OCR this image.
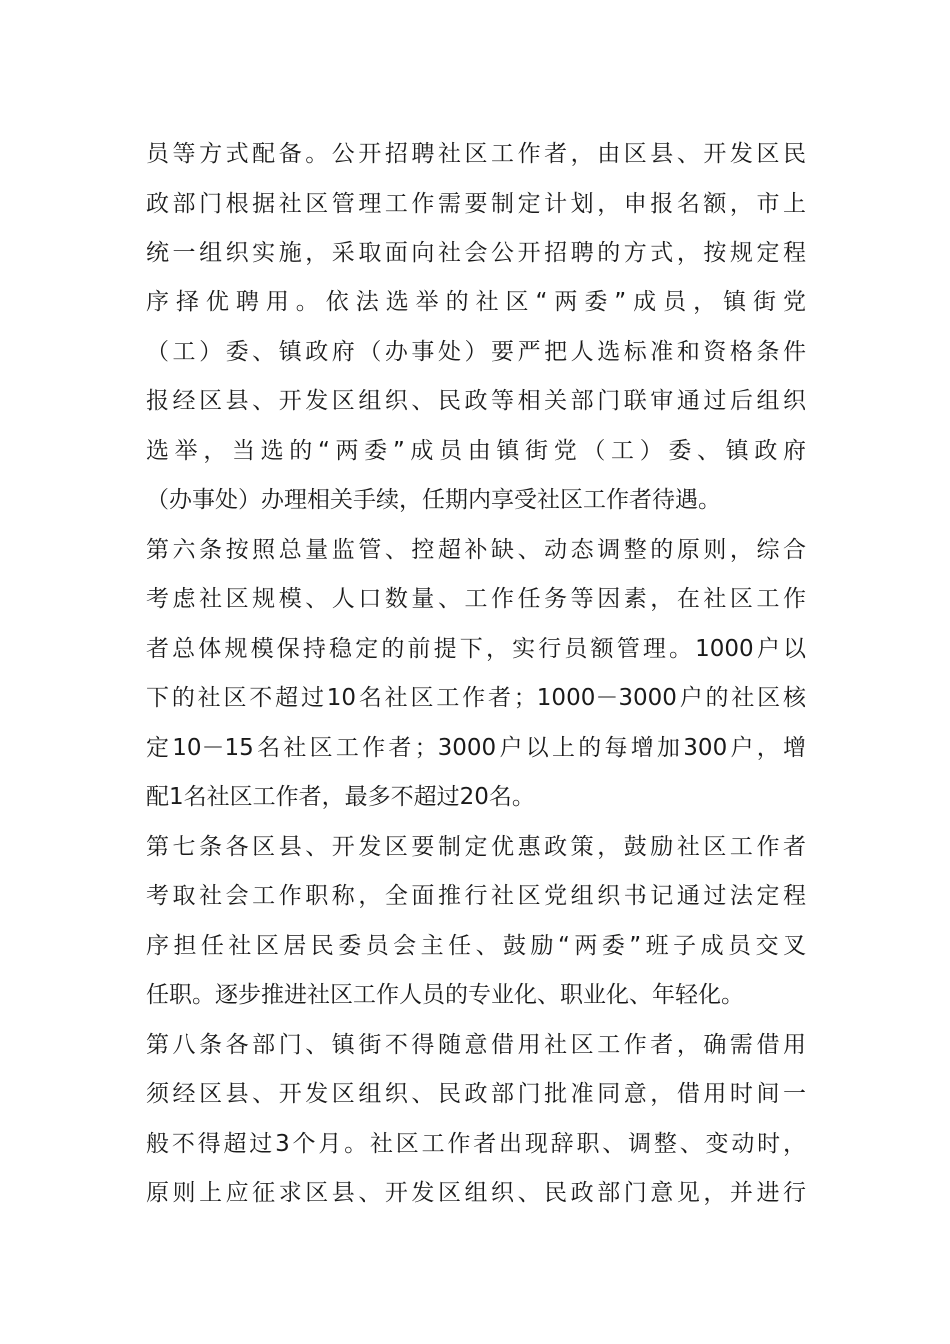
员等方式配备。公开招聘社区工作者，由区县、开发区民
政部门根据社区管理工作需要制定计划，申报名额，市上
统一组织实施，采取面向社会公开招聘的方式，按规定程
序择优聘用。依法选举的社区“两委”成员，镇街党
（工）委、镇政府（办事处）要严把人选标准和资格条件
报经区县、开发区组织、民政等相关部门联审通过后组织
选举，当选的“两委”成员由镇街党（工）委、镇政府
（办事处）办理相关手续，任期内享受社区工作者待遇。
第六条按照总量监管、控超补缺、动态调整的原则，综合
考虑社区规模、人口数量、工作任务等因素，在社区工作
者总体规模保持稳定的前提下，实行员额管理。1000户以
下的社区不超过10名社区工作者；1000－3000户的社区核
定10－15名社区工作者；3000户以上的每增加300户，增
配1名社区工作者，最多不超过20名。
第七条各区县、开发区要制定优惠政策，鼓励社区工作者
考取社会工作职称，全面推行社区党组织书记通过法定程
序担任社区居民委员会主任、鼓励“两委”班子成员交叉
任职。逐步推进社区工作人员的专业化、职业化、年轻化。
第八条各部门、镇街不得随意借用社区工作者，确需借用
须经区县、开发区组织、民政部门批准同意，借用时间一
般不得超过3个月。社区工作者出现辞职、调整、变动时，
原则上应征求区县、开发区组织、民政部门意见，并进行
